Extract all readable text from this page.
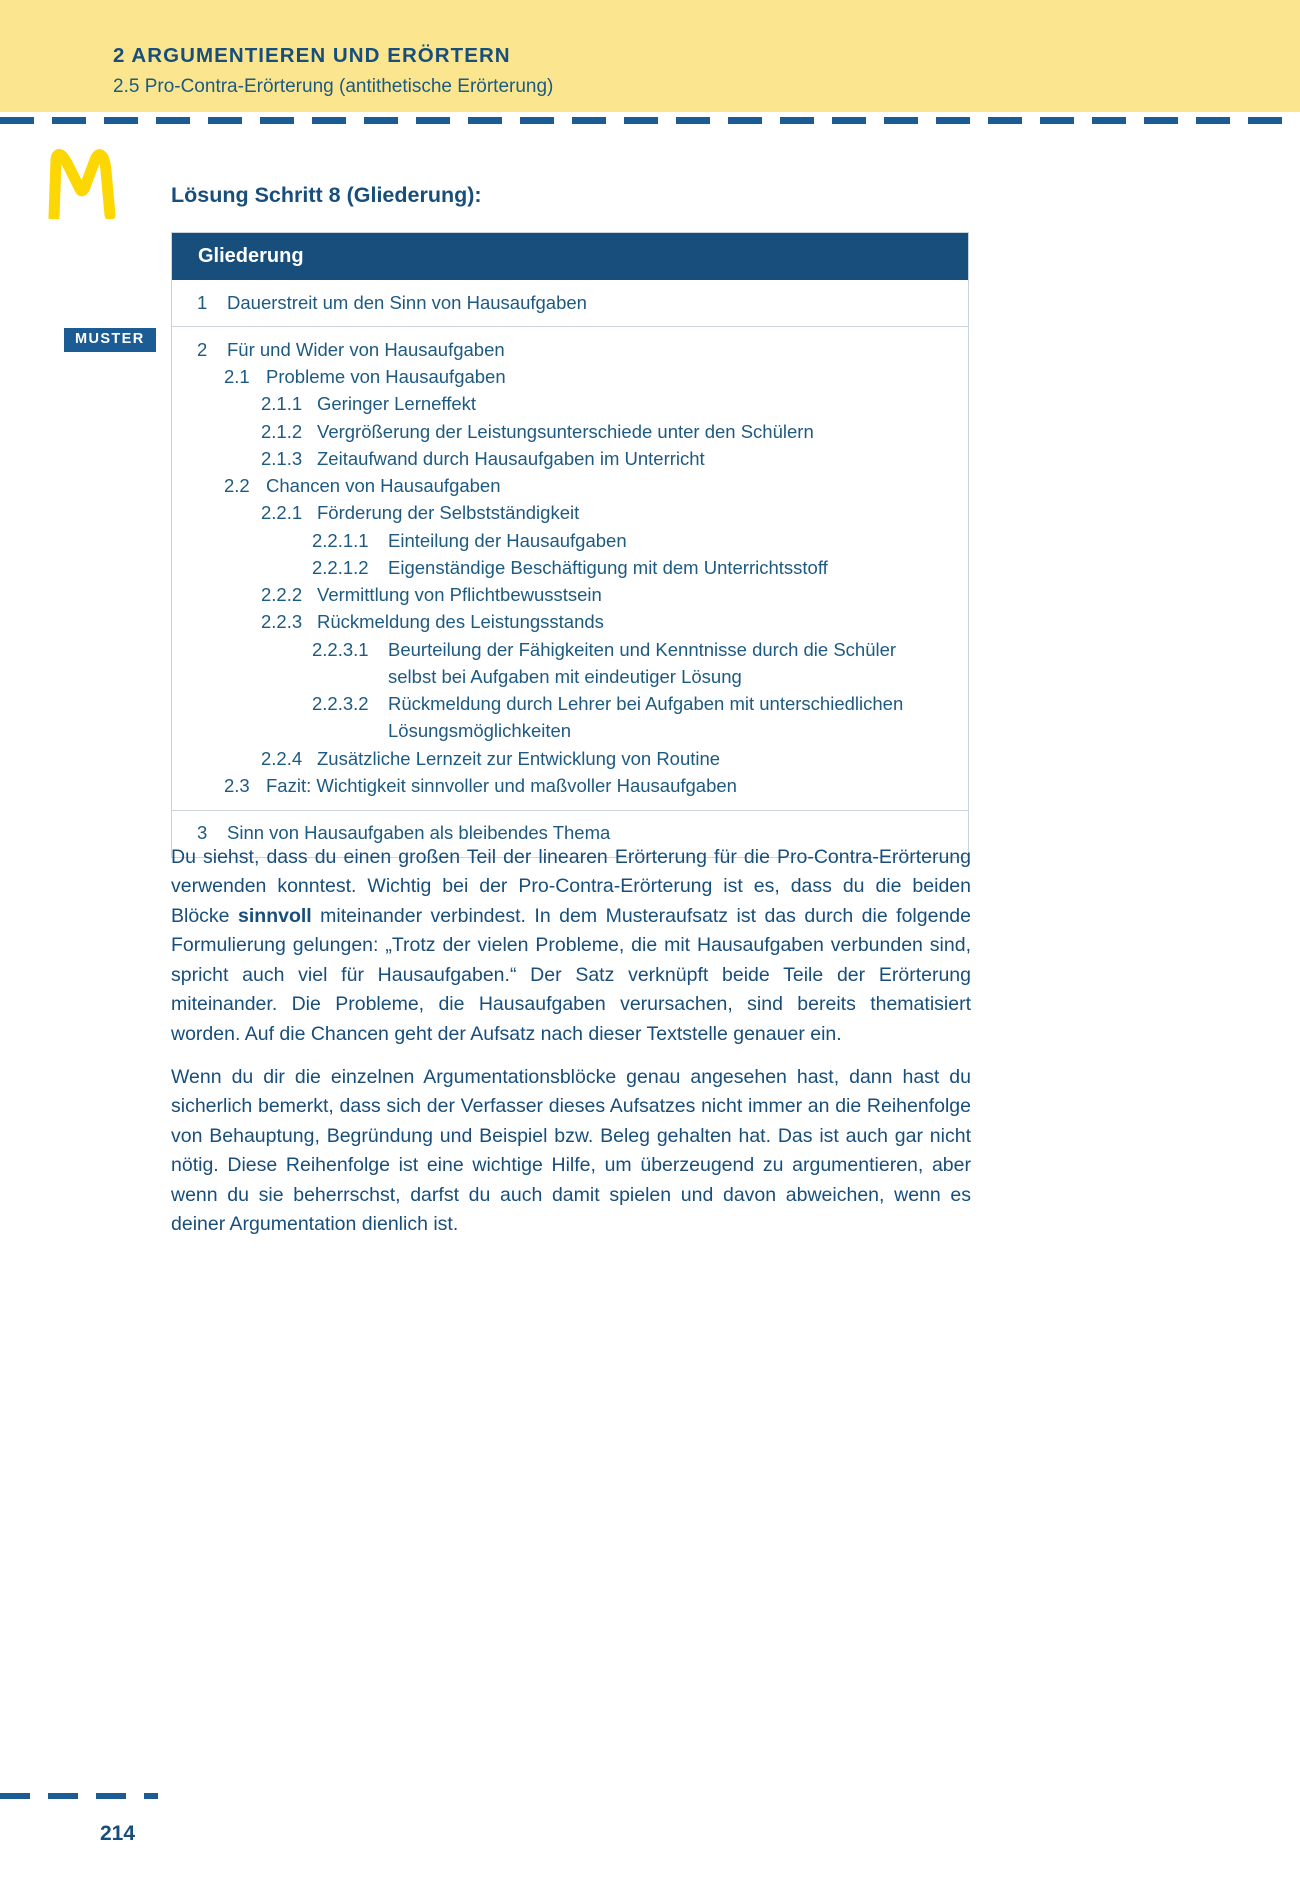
2 ARGUMENTIEREN UND ERÖRTERN
2.5 Pro-Contra-Erörterung (antithetische Erörterung)
MUSTER
Lösung Schritt 8 (Gliederung):
Gliederung
1	Dauerstreit um den Sinn von Hausaufgaben
2	Für und Wider von Hausaufgaben
2.1 Probleme von Hausaufgaben
2.1.1 Geringer Lerneffekt
2.1.2 Vergrößerung der Leistungsunterschiede unter den Schülern
2.1.3 Zeitaufwand durch Hausaufgaben im Unterricht
2.2 Chancen von Hausaufgaben
2.2.1 Förderung der Selbstständigkeit
2.2.1.1	Einteilung der Hausaufgaben
2.2.1.2	Eigenständige Beschäftigung mit dem Unterrichtsstoff
2.2.2 Vermittlung von Pflichtbewusstsein
2.2.3 Rückmeldung des Leistungsstands
2.2.3.1	Beurteilung der Fähigkeiten und Kenntnisse durch die Schüler
selbst bei Aufgaben mit eindeutiger Lösung
2.2.3.2	Rückmeldung durch Lehrer bei Aufgaben mit unterschiedlichen
Lösungsmöglichkeiten
2.2.4 Zusätzliche Lernzeit zur Entwicklung von Routine
2.3 Fazit: Wichtigkeit sinnvoller und maßvoller Hausaufgaben
3	Sinn von Hausaufgaben als bleibendes Thema
Du siehst, dass du einen großen Teil der linearen Erörterung für die Pro-Contra-Erörterung verwenden konntest. Wichtig bei der Pro-Contra-Erörterung ist es, dass du die beiden Blöcke sinnvoll miteinander verbindest. In dem Musteraufsatz ist das durch die folgende Formulierung gelungen: „Trotz der vielen Probleme, die mit Hausaufgaben verbunden sind, spricht auch viel für Hausaufgaben.“ Der Satz verknüpft beide Teile der Erörterung miteinander. Die Probleme, die Hausaufgaben verursachen, sind bereits thematisiert worden. Auf die Chancen geht der Aufsatz nach dieser Textstelle genauer ein.
Wenn du dir die einzelnen Argumentationsblöcke genau angesehen hast, dann hast du sicherlich bemerkt, dass sich der Verfasser dieses Aufsatzes nicht immer an die Reihenfolge von Behauptung, Begründung und Beispiel bzw. Beleg gehalten hat. Das ist auch gar nicht nötig. Diese Reihenfolge ist eine wichtige Hilfe, um überzeugend zu argumentieren, aber wenn du sie beherrschst, darfst du auch damit spielen und davon abweichen, wenn es deiner Argumentation dienlich ist.
214
